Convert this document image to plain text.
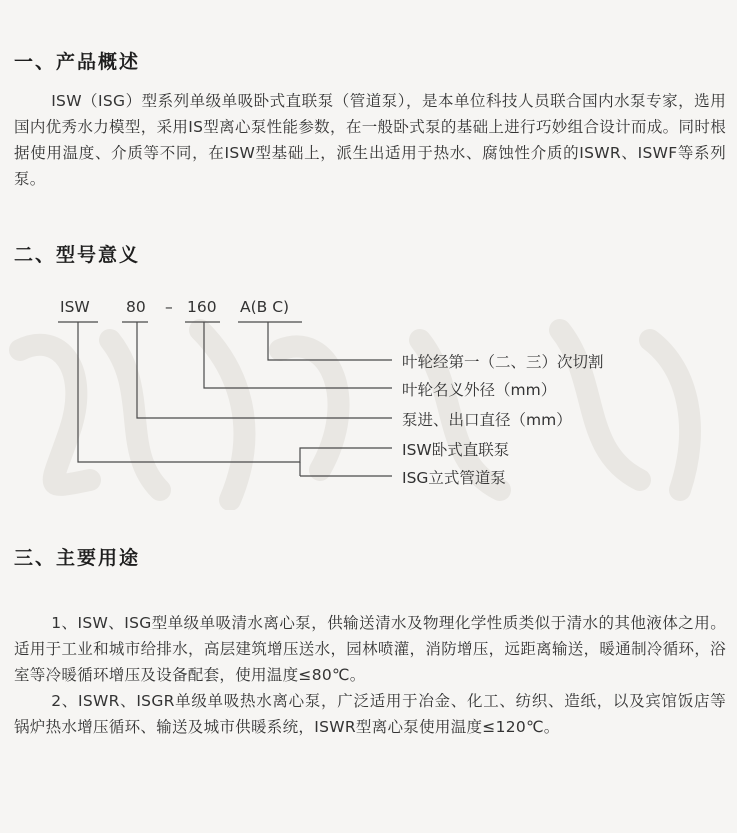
一、产品概述

ISW（ISG）型系列单级单吸卧式直联泵（管道泵），是本单位科技人员联合国内水泵专家，选用国内优秀水力模型，采用IS型离心泵性能参数，在一般卧式泵的基础上进行巧妙组合设计而成。同时根据使用温度、介质等不同，在ISW型基础上，派生出适用于热水、腐蚀性介质的ISWR、ISWF等系列泵。

二、型号意义
ISW 80 – 160 A(B C)
叶轮经第一（二、三）次切割
叶轮名义外径（mm）
泵进、出口直径（mm）
ISW卧式直联泵
ISG立式管道泵
三、主要用途

1、ISW、ISG型单级单吸清水离心泵，供输送清水及物理化学性质类似于清水的其他液体之用。适用于工业和城市给排水，高层建筑增压送水，园林喷灌，消防增压，远距离输送，暖通制冷循环，浴室等冷暖循环增压及设备配套，使用温度≤80℃。

2、ISWR、ISGR单级单吸热水离心泵，广泛适用于冶金、化工、纺织、造纸，以及宾馆饭店等锅炉热水增压循环、输送及城市供暖系统，ISWR型离心泵使用温度≤120℃。
